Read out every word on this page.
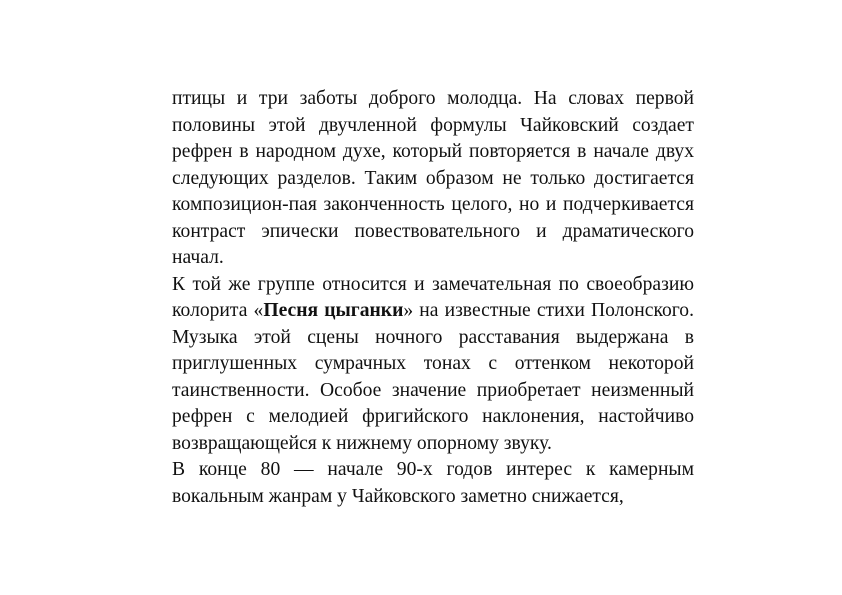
птицы и три заботы доброго молодца. На словах первой половины этой двучленной формулы Чайковский создает рефрен в народном духе, который повторяется в начале двух следующих разделов. Таким образом не только достигается композицион-пая законченность целого, но и подчеркивается контраст эпически повествовательного и драматического начал.

К той же группе относится и замечательная по своеобразию колорита «Песня цыганки» на известные стихи Полонского. Музыка этой сцены ночного расставания выдержана в приглушенных сумрачных тонах с оттенком некоторой таинственности. Особое значение приобретает неизменный рефрен с мелодией фригийского наклонения, настойчиво возвращающейся к нижнему опорному звуку.

В конце 80 — начале 90-х годов интерес к камерным вокальным жанрам у Чайковского заметно снижается,
